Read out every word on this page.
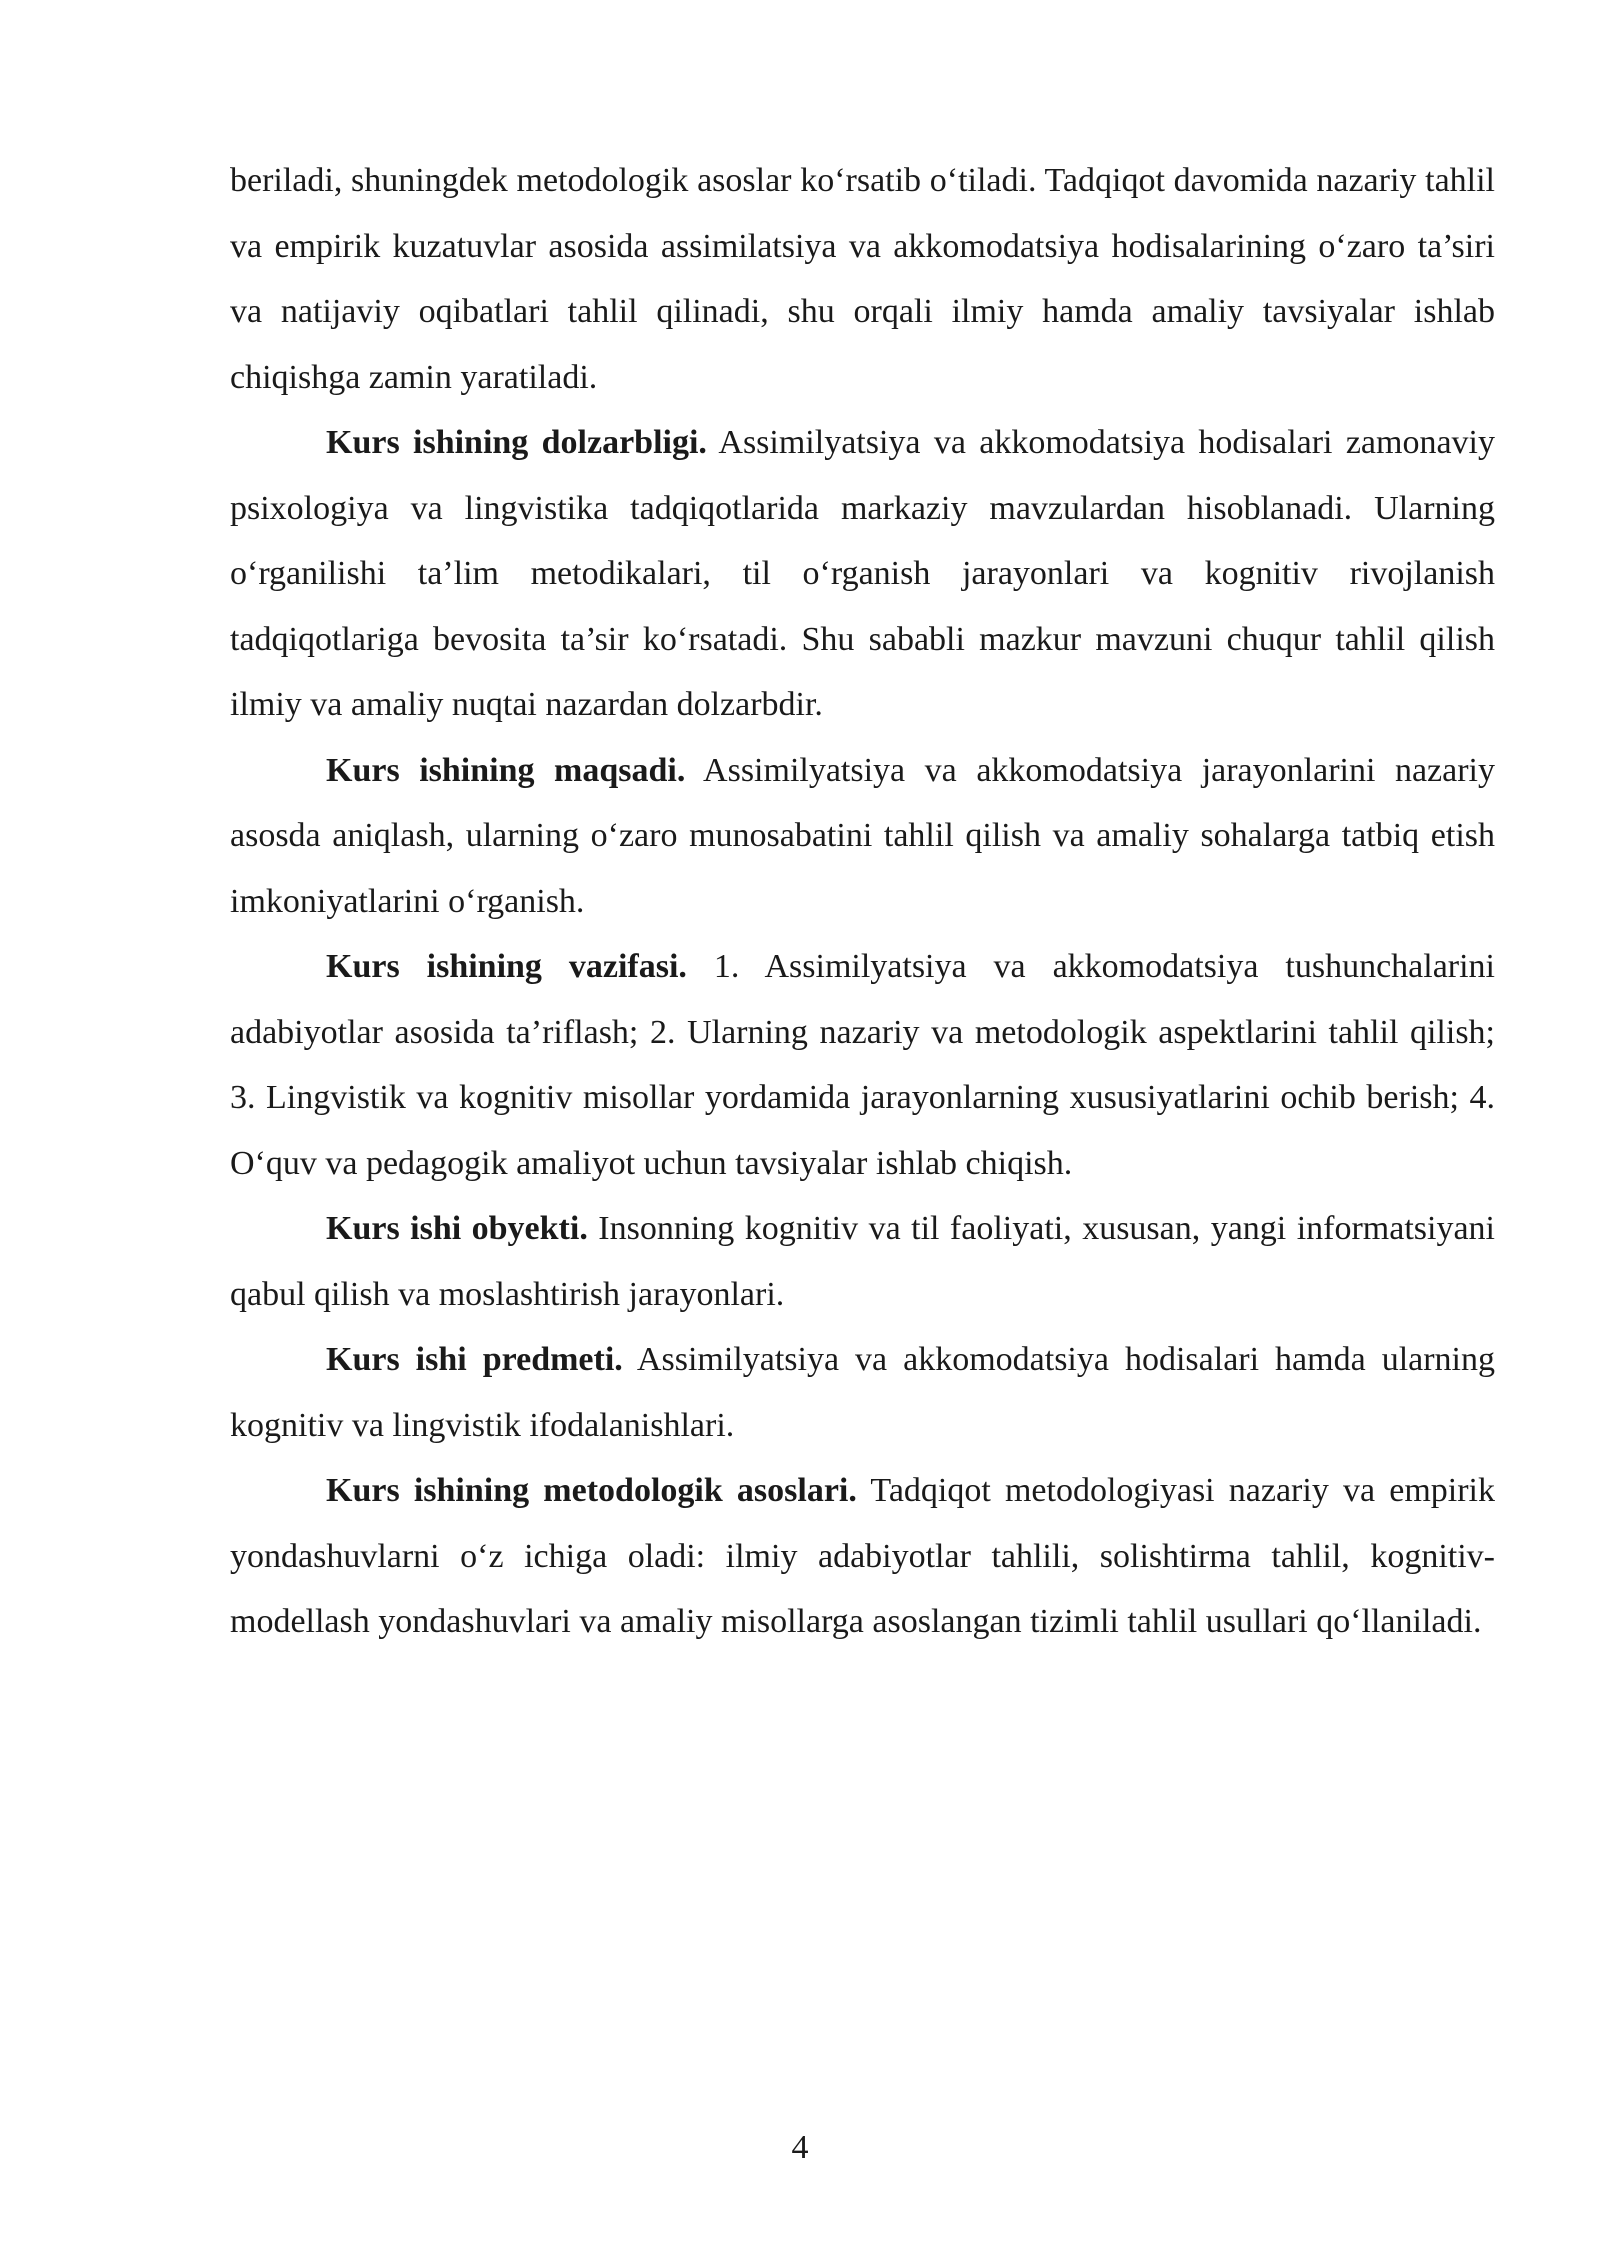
beriladi, shuningdek metodologik asoslar ko‘rsatib o‘tiladi. Tadqiqot davomida nazariy tahlil va empirik kuzatuvlar asosida assimilatsiya va akkomodatsiya hodisalarining o‘zaro ta’siri va natijaviy oqibatlari tahlil qilinadi, shu orqali ilmiy hamda amaliy tavsiyalar ishlab chiqishga zamin yaratiladi.

Kurs ishining dolzarbligi. Assimilyatsiya va akkomodatsiya hodisalari zamonaviy psixologiya va lingvistika tadqiqotlarida markaziy mavzulardan hisoblanadi. Ularning o‘rganilishi ta’lim metodikalari, til o‘rganish jarayonlari va kognitiv rivojlanish tadqiqotlariga bevosita ta’sir ko‘rsatadi. Shu sababli mazkur mavzuni chuqur tahlil qilish ilmiy va amaliy nuqtai nazardan dolzarbdir.

Kurs ishining maqsadi. Assimilyatsiya va akkomodatsiya jarayonlarini nazariy asosda aniqlash, ularning o‘zaro munosabatini tahlil qilish va amaliy sohalarga tatbiq etish imkoniyatlarini o‘rganish.

Kurs ishining vazifasi. 1. Assimilyatsiya va akkomodatsiya tushunchalarini adabiyotlar asosida ta’riflash; 2. Ularning nazariy va metodologik aspektlarini tahlil qilish; 3. Lingvistik va kognitiv misollar yordamida jarayonlarning xususiyatlarini ochib berish; 4. O‘quv va pedagogik amaliyot uchun tavsiyalar ishlab chiqish.

Kurs ishi obyekti. Insonning kognitiv va til faoliyati, xususan, yangi informatsiyani qabul qilish va moslashtirish jarayonlari.

Kurs ishi predmeti. Assimilyatsiya va akkomodatsiya hodisalari hamda ularning kognitiv va lingvistik ifodalanishlari.

Kurs ishining metodologik asoslari. Tadqiqot metodologiyasi nazariy va empirik yondashuvlarni o‘z ichiga oladi: ilmiy adabiyotlar tahlili, solishtirma tahlil, kognitiv-modellash yondashuvlari va amaliy misollarga asoslangan tizimli tahlil usullari qo‘llaniladi.

4
